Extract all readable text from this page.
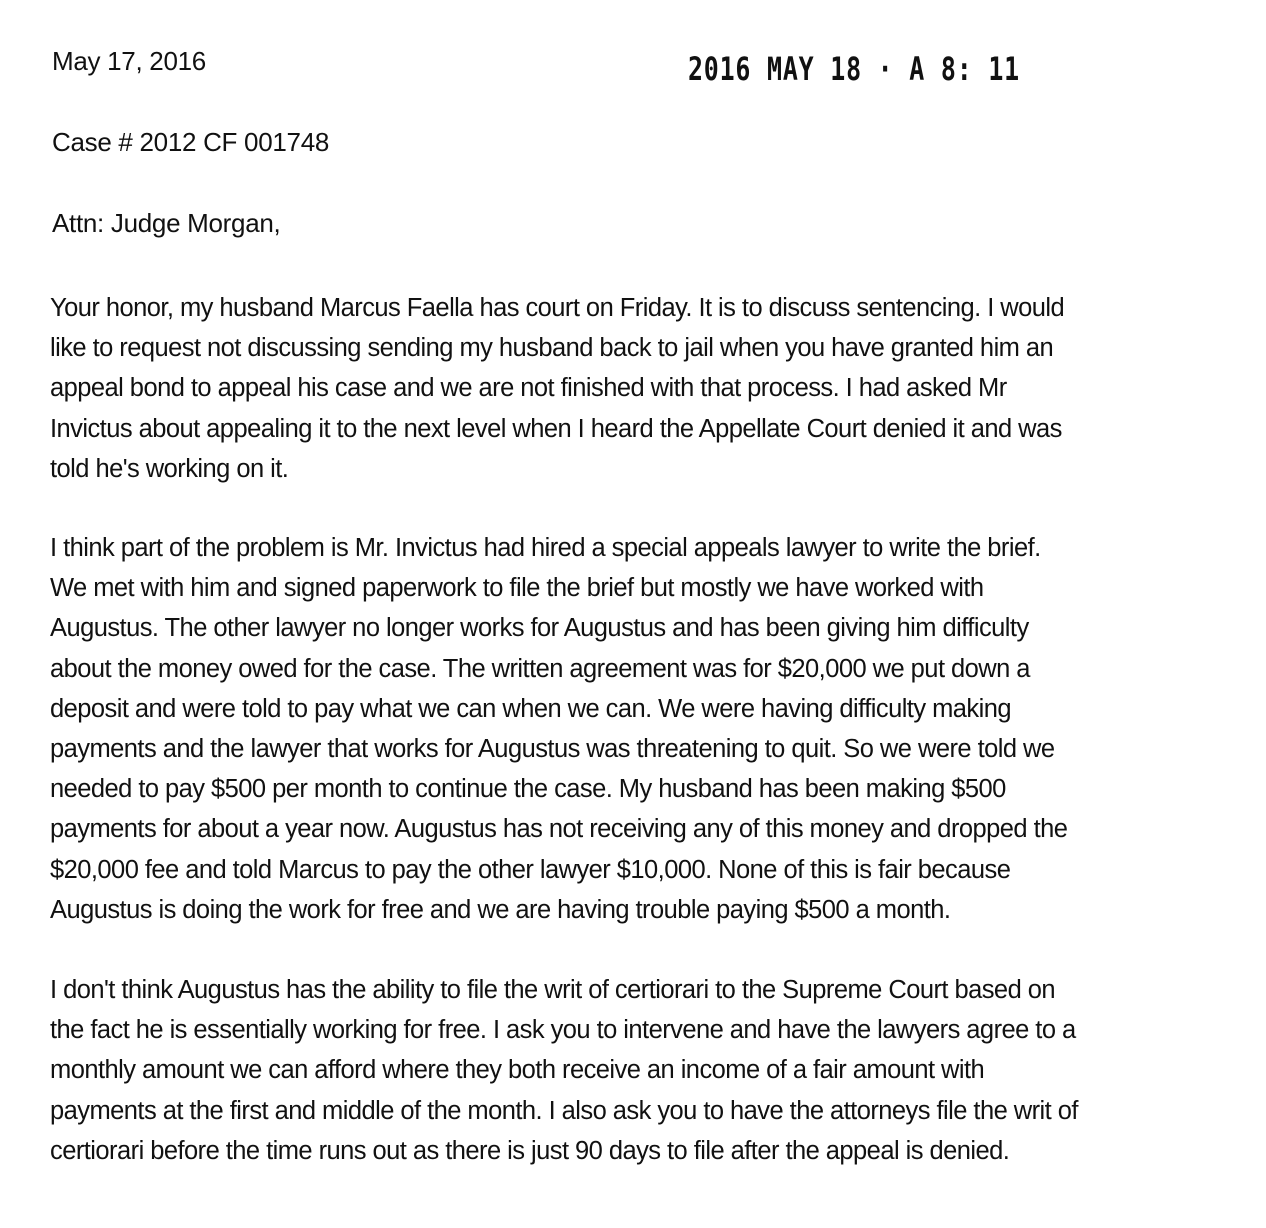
May 17, 2016	2016 MAY 18 · A 8: 11
Case # 2012 CF 001748
Attn: Judge Morgan,

Your honor, my husband Marcus Faella has court on Friday. It is to discuss sentencing. I would
like to request not discussing sending my husband back to jail when you have granted him an
appeal bond to appeal his case and we are not finished with that process. I had asked Mr
Invictus about appealing it to the next level when I heard the Appellate Court denied it and was
told he's working on it.

I think part of the problem is Mr. Invictus had hired a special appeals lawyer to write the brief.
We met with him and signed paperwork to file the brief but mostly we have worked with
Augustus. The other lawyer no longer works for Augustus and has been giving him difficulty
about the money owed for the case. The written agreement was for $20,000 we put down a
deposit and were told to pay what we can when we can. We were having difficulty making
payments and the lawyer that works for Augustus was threatening to quit. So we were told we
needed to pay $500 per month to continue the case. My husband has been making $500
payments for about a year now. Augustus has not receiving any of this money and dropped the
$20,000 fee and told Marcus to pay the other lawyer $10,000. None of this is fair because
Augustus is doing the work for free and we are having trouble paying $500 a month.

I don't think Augustus has the ability to file the writ of certiorari to the Supreme Court based on
the fact he is essentially working for free. I ask you to intervene and have the lawyers agree to a
monthly amount we can afford where they both receive an income of a fair amount with
payments at the first and middle of the month. I also ask you to have the attorneys file the writ of
certiorari before the time runs out as there is just 90 days to file after the appeal is denied.
